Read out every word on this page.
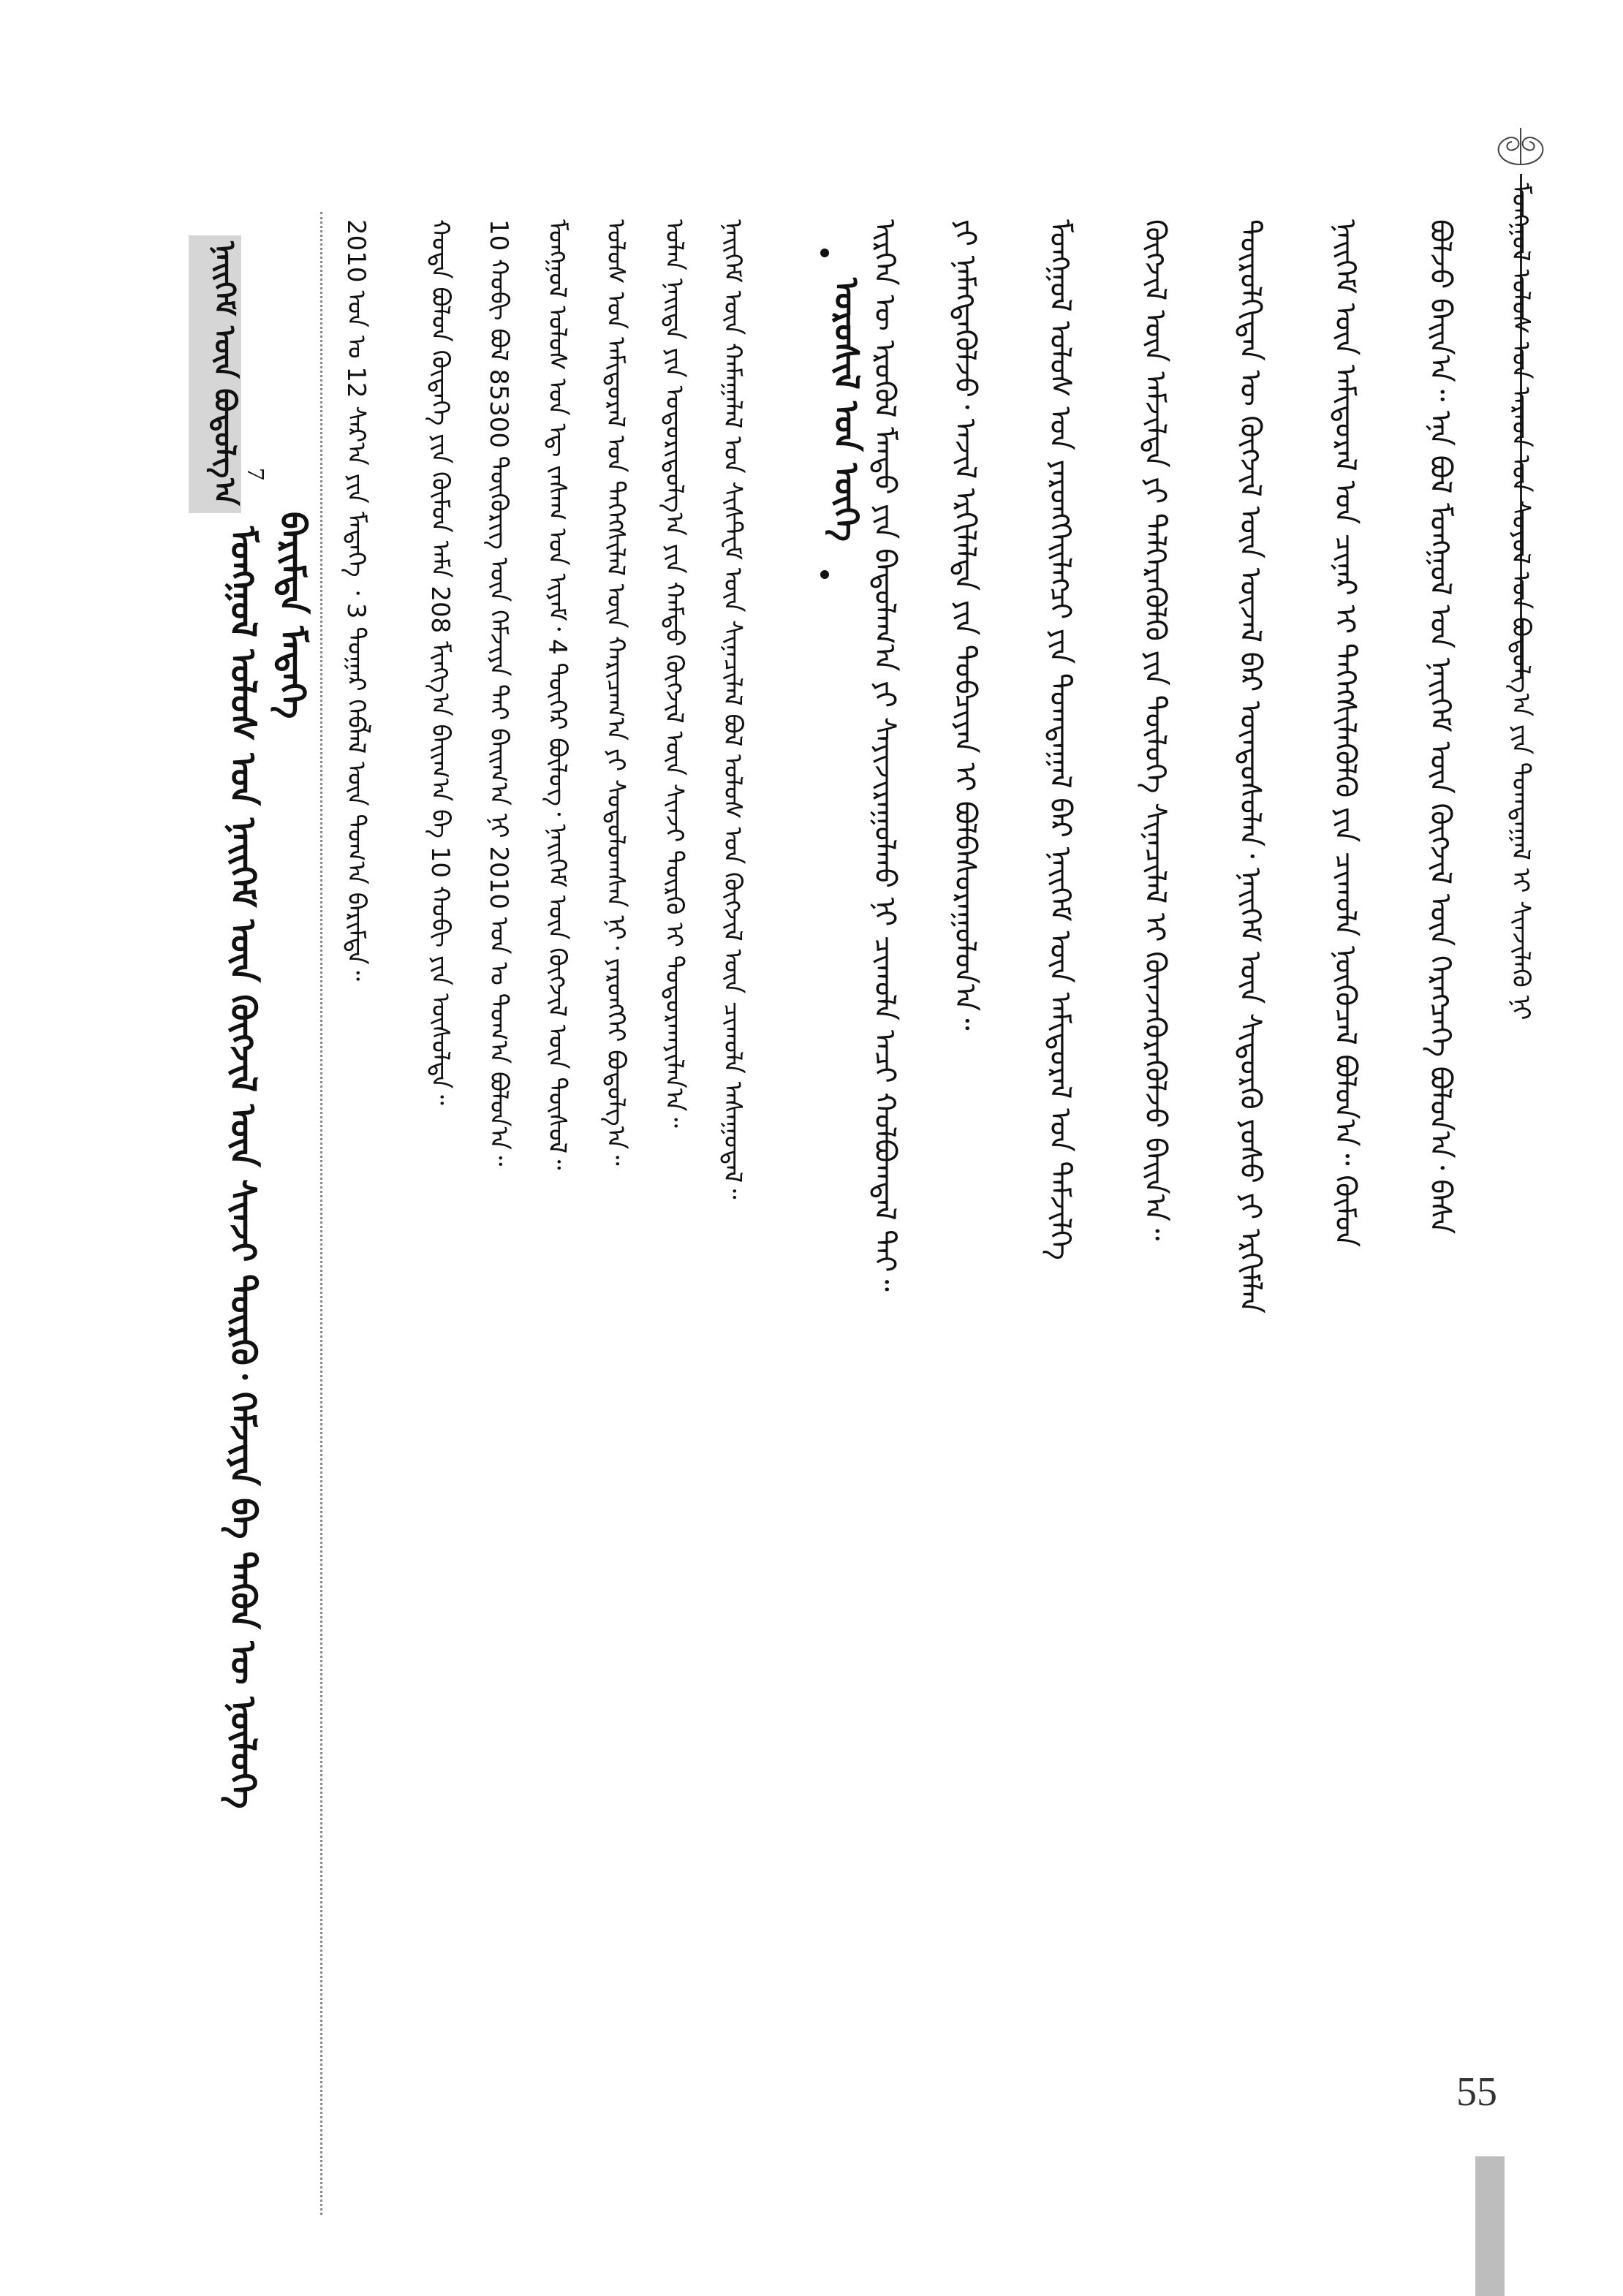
ᠮᠣᠩᠭᠣᠯ ᠤᠯᠤᠰ ᠤᠨ ᠠᠷᠠᠳ ᠤᠨ ᠰᠣᠶᠤᠯ ᠤᠨ ᠪᠣᠳᠤᠯᠭ᠎ᠠ ᠶᠢᠨ ᠲᠣᠭᠲᠠᠭᠠᠯ ᠢ ᠰᠢᠨᠵᠢᠯᠡᠬᠦ ᠨᠢ
55
ᠪᠣᠯᠵᠤ ᠪᠠᠢᠨ᠎ᠠ᠃ ᠡᠨᠡ ᠪᠣᠯ ᠮᠣᠩᠭᠣᠯ ᠤᠨ ᠨᠡᠢᠭᠡᠮ ᠦᠨ ᠬᠥᠭᠵᠢᠯ ᠦᠨ ᠬᠡᠷᠡᠭᠴᠡᠭᠡ ᠪᠣᠯᠤᠨ᠎ᠠ᠂ ᠪᠠᠰᠠ
ᠨᠡᠢᠭᠡᠮ ᠦᠨ ᠠᠮᠢᠳᠤᠷᠠᠯ ᠤᠨ ᠴᠢᠨᠠᠷ ᠢ ᠳᠡᠭᠡᠭᠰᠢᠯᠡᠭᠦᠯᠬᠦ ᠶᠢᠨ ᠴᠢᠬᠤᠯᠠ ᠨᠥᠬᠦᠴᠡᠯ ᠪᠣᠯᠤᠨ᠎ᠠ᠃ ᠬᠦᠮᠦᠨ
ᠲᠥᠷᠥᠯᠬᠢᠲᠡᠨ ᠦ ᠬᠥᠭᠵᠢᠯ ᠦᠨ ᠦᠵᠡᠯ ᠪᠠᠷ ᠦᠨᠳᠦᠰᠦᠯᠡᠨ᠂ ᠨᠡᠢᠭᠡᠮ ᠦᠨ ᠰᠢᠳᠦᠷᠭᠦ ᠶᠣᠰᠤ ᠶᠢ ᠡᠷᠬᠢᠮᠯᠡᠨ
ᠬᠥᠭᠵᠢᠯ ᠦᠨ ᠠᠮᠵᠢᠯᠲᠠ ᠶᠢ ᠳᠡᠯᠭᠡᠷᠡᠭᠦᠯᠬᠦ ᠶᠢᠨ ᠲᠥᠯᠥᠭᠡ ᠰᠢᠨᠡᠴᠢᠯᠡᠯ ᠢ ᠭᠦᠨᠵᠡᠭᠦᠷᠡᠭᠦᠯᠵᠦ ᠪᠠᠢᠨ᠎ᠠ᠃
ᠮᠣᠩᠭᠣᠯ ᠤᠯᠤᠰ ᠤᠨ ᠶᠡᠷᠦᠩᠬᠡᠢᠯᠡᠭᠴᠢ ᠶᠢᠨ ᠲᠣᠭᠲᠠᠭᠠᠯ ᠪᠠᠷ ᠨᠡᠢᠭᠡᠮ ᠦᠨ ᠠᠮᠢᠳᠤᠷᠠᠯ ᠤᠨ ᠳᠡᠮᠵᠢᠯᠭᠡ
ᠶᠢ ᠨᠡᠮᠡᠭᠳᠡᠭᠦᠯᠵᠦ᠂ ᠠᠵᠢᠯ ᠡᠷᠬᠢᠯᠡᠯᠲᠡ ᠶᠢᠨ ᠲᠣᠪᠴᠢᠶᠠᠨ ᠢ ᠪᠣᠯᠪᠠᠰᠤᠷᠠᠭᠤᠯᠤᠨ᠎ᠠ᠃
ᠢᠷᠭᠡᠨ ᠦ ᠡᠷᠦᠬᠦᠯ ᠮᠡᠨᠳᠦ ᠶᠢᠨ ᠪᠠᠲᠤᠯᠠᠭ᠎ᠠ ᠶᠢ ᠰᠠᠶᠢᠵᠢᠷᠠᠭᠤᠯᠬᠤ ᠨᠢ ᠴᠢᠬᠤᠯᠠ ᠠᠴᠢ ᠬᠣᠯᠪᠣᠭᠳᠠᠯ ᠲᠠᠢ᠃
ᠣᠷᠣᠰᠢᠯ ᠤᠨ ᠦᠭᠡ
ᠨᠡᠢᠭᠡᠮ ᠦᠨ ᠬᠠᠮᠠᠭᠠᠯᠠᠯ ᠤᠨ ᠰᠢᠰᠲ᠋ᠧᠮ ᠦᠨ ᠰᠢᠨᠡᠴᠢᠯᠡᠯ ᠪᠣᠯ ᠤᠯᠤᠰ ᠤᠨ ᠬᠥᠭᠵᠢᠯ ᠦᠨ ᠴᠢᠬᠤᠯᠠ ᠠᠰᠠᠭᠤᠳᠠᠯ᠃
ᠣᠯᠠᠨ ᠨᠡᠢᠲᠡ ᠶᠢᠨ ᠤᠳᠤᠷᠢᠳᠤᠯᠭ᠎ᠠ ᠶᠢᠨ ᠬᠠᠮᠲᠤ ᠬᠥᠭᠵᠢᠯ ᠦᠨ ᠰᠢᠨᠵᠢ ᠲᠥᠷᠬᠦ ᠢ ᠲᠣᠳᠣᠷᠬᠠᠶᠢᠯᠠᠨ᠎ᠠ᠃
ᠤᠯᠤᠰ ᠤᠨ ᠠᠮᠢᠳᠤᠷᠠᠯ ᠤᠨ ᠳᠡᠭᠡᠭᠰᠢᠯᠡᠯ ᠦᠨ ᠬᠠᠷᠢᠴᠠᠭ᠎ᠠ ᠶᠢ ᠰᠤᠳᠤᠯᠤᠭᠰᠠᠨ ᠨᠢ᠂ ᠶᠡᠷᠦᠩᠬᠡᠢ ᠪᠣᠳᠣᠯᠭ᠎ᠠ᠃
ᠮᠣᠩᠭᠣᠯ ᠤᠯᠤᠰ ᠤᠨ ᠡᠳ᠋ ᠵᠠᠰᠠᠭ ᠤᠨ ᠢᠶᠠᠮ᠂ 4 ᠳᠦᠭᠡᠷ ᠪᠦᠯᠦᠭ᠂ ᠨᠡᠢᠭᠡᠮ ᠦᠨ ᠬᠥᠭᠵᠢᠯ ᠦᠨ ᠲᠥᠰᠥᠯ᠃
10 ᠬᠤᠪᠢ ᠪᠣᠯ 85300 ᠲᠥᠭᠦᠷᠢᠭ ᠦᠨ ᠬᠡᠮᠵᠢᠶᠡ ᠲᠠᠢ ᠪᠠᠢᠭ᠎ᠠ ᠨᠢ 2010 ᠣᠨ ᠤ ᠲᠣᠭ᠎ᠠ ᠪᠣᠯᠤᠨ᠎ᠠ᠃
ᠬᠣᠲᠠ ᠪᠣᠯᠤᠨ ᠬᠥᠳᠡᠭᠡ ᠶᠢᠨ ᠬᠦᠮᠦᠨ ᠠᠮᠠ 208 ᠮᠢᠩᠭ᠎ᠠ ᠪᠠᠢᠭ᠎ᠠ ᠪᠠ 10 ᠬᠤᠪᠢ ᠶᠢᠨ ᠥᠰᠥᠯᠲᠡ᠃
2010 ᠣᠨ ᠤ 12 ᠰᠠᠷ᠎ᠠ ᠶᠢᠨ ᠮᠡᠳᠡᠭᠡ ᠂ 3 ᠳᠤᠭᠠᠷ ᠬᠡᠪᠯᠡᠯ ᠦᠨ ᠲᠣᠭ᠎ᠠ ᠪᠠᠷᠢᠮᠲᠠ᠃
ᠨᠡᠢᠭᠡᠮ ᠦᠨ ᠪᠣᠳᠣᠯᠭ᠎ᠠ 7
ᠮᠣᠩᠭᠣᠯ ᠤᠯᠤᠰ ᠤᠨ ᠨᠡᠢᠭᠡᠮ ᠦᠨ ᠬᠥᠭᠵᠢᠯ ᠦᠨ ᠰᠢᠨᠵᠢ ᠲᠥᠷᠬᠦ᠂ ᠬᠡᠮᠵᠢᠶᠡ ᠪᠠ ᠲᠡᠭᠦᠨ ᠦ ᠨᠥᠯᠥᠭᠡ ᠪᠠᠷᠢᠮᠲᠠ ᠮᠡᠳᠡᠭᠡ
